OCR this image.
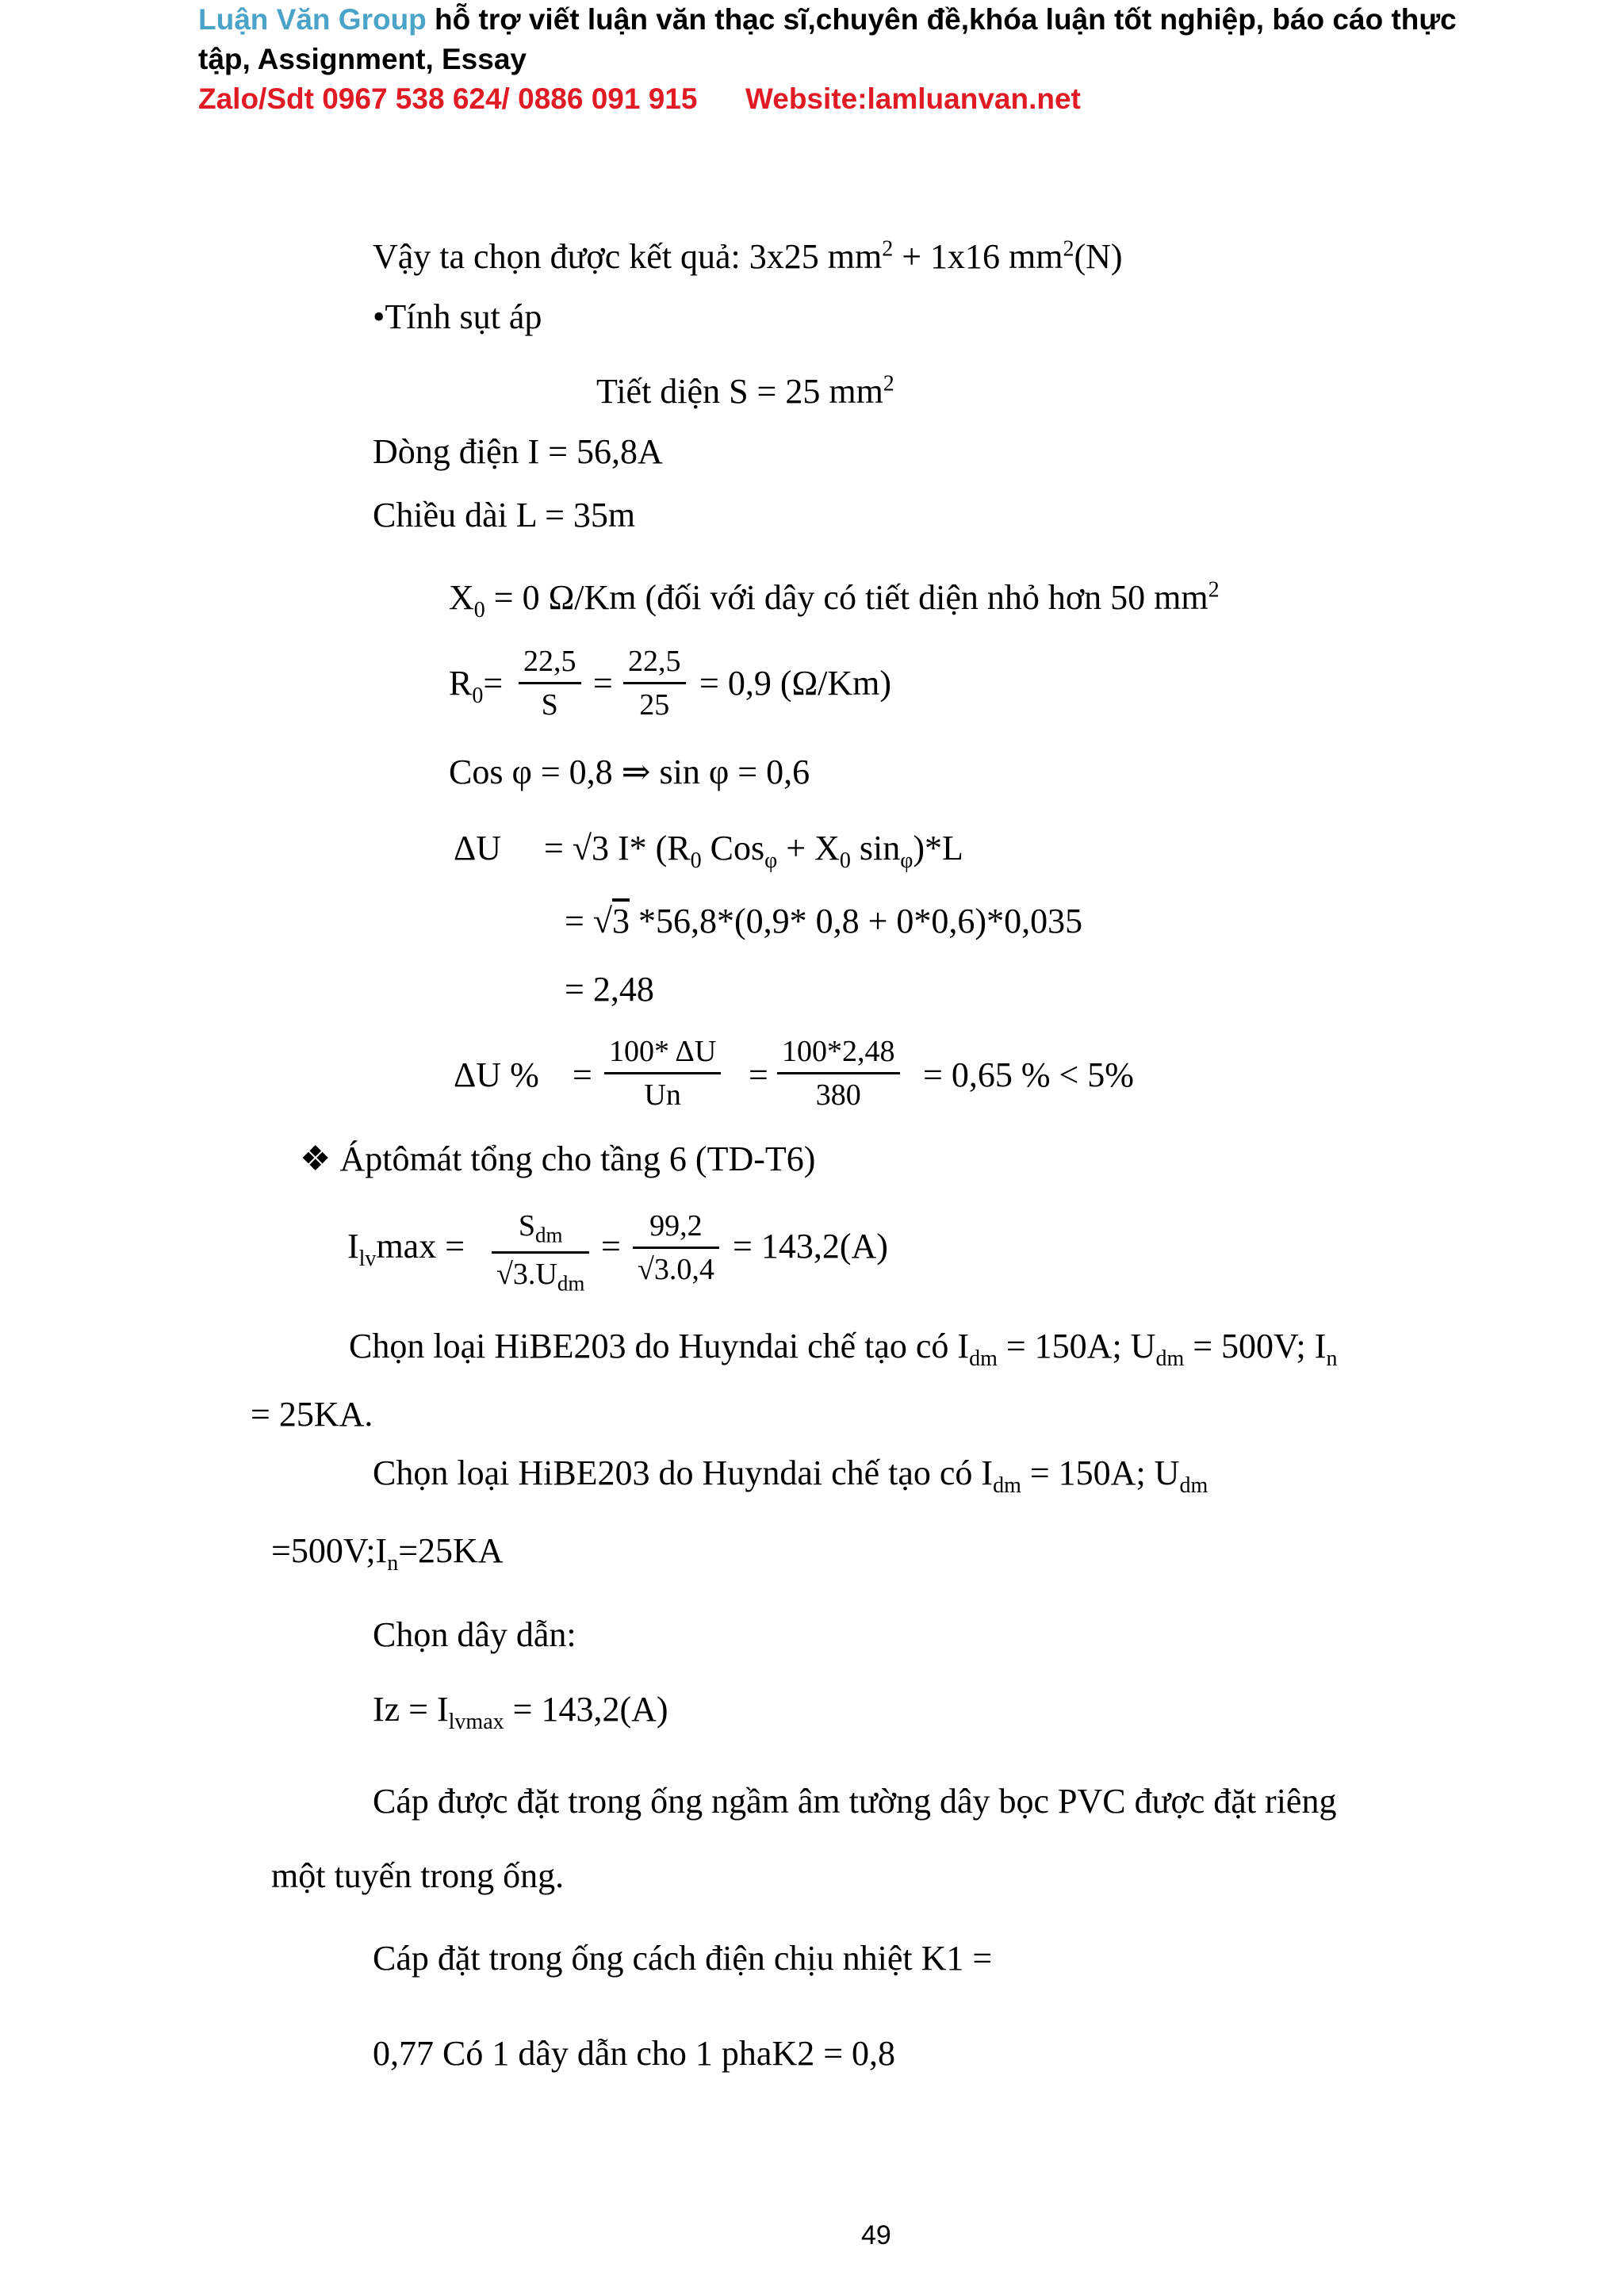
Luận Văn Group hỗ trợ viết luận văn thạc sĩ,chuyên đề,khóa luận tốt nghiệp, báo cáo thực
tập, Assignment, Essay
Zalo/Sdt 0967 538 624/ 0886 091 915 Website:lamluanvan.net
Vậy ta chọn được kết quả: 3x25 $mm^2 + 1x16$ $mm^2(N)$
•Tính sụt áp
Tiết diện S = 25 $mm^2$
Dòng điện I = 56,8A
Chiều dài L = 35m
$X_0 = 0$ Ω/Km (đối với dây có tiết diện nhỏ hơn 50 $mm^2$
$R_0= \frac{22,5}{S} = \frac{22,5}{25} = 0,9$ (Ω/Km)
Cos φ = 0,8 ⇒ sin φ = 0,6
ΔU = √3 I* ($R_0$ $Cos_\varphi + X_0$ $\sin_\varphi)*L$
= √3 *56,8*(0,9* 0,8 + 0*0,6)*0,035
= 2,48
ΔU % = $\frac{100* \Delta U}{Un} = \frac{100*2,48}{380} = 0,65$ % < 5%
❖ Áptômát tổng cho tầng 6 (TD-T6)
$I_{lv}\max$ =
$S_{dm}$
$√3.U_{dm}$
= $\frac{99,2}{√3.0,4} = 143,2(A)$
Chọn loại HiBE203 do Huyndai chế tạo có $I_{dm} = 150A$; $U_{dm} = 500V$; $I_n$
= 25KA.
Chọn loại HiBE203 do Huyndai chế tạo có $I_{dm} = 150A$; $U_{dm}$
$=500V;I_n=25KA$
Chọn dây dẫn:
$Iz = I_{lvmax} = 143,2(A)$
Cáp được đặt trong ống ngầm âm tường dây bọc PVC được đặt riêng
một tuyến trong ống.
Cáp đặt trong ống cách điện chịu nhiệt K1 =
0,77 Có 1 dây dẫn cho 1 phaK2 = 0,8
49
